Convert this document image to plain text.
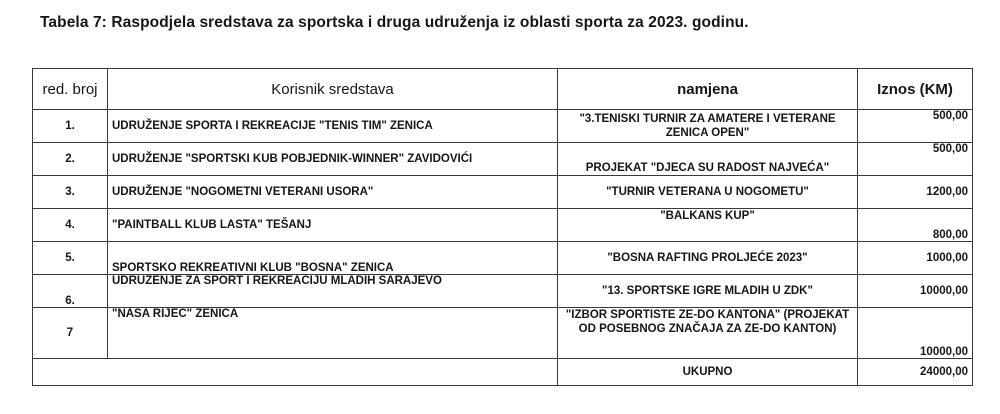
Tabela 7: Raspodjela sredstava za sportska i druga udruženja iz oblasti sporta za 2023. godinu.
red. broj	Korisnik sredstava	namjena	Iznos (KM)
1.	UDRUŽENJE SPORTA I REKREACIJE "TENIS TIM" ZENICA	"3.TENISKI TURNIR ZA AMATERE I VETERANE ZENICA OPEN"	500,00
2.	UDRUŽENJE "SPORTSKI KUB POBJEDNIK-WINNER" ZAVIDOVIĆI	PROJEKAT "DJECA SU RADOST NAJVEĆA"	500,00
3.	UDRUŽENJE "NOGOMETNI VETERANI USORA"	"TURNIR VETERANA U NOGOMETU"	1200,00
4.	"PAINTBALL KLUB LASTA" TEŠANJ	"BALKANS KUP"	800,00
5.	SPORTSKO REKREATIVNI KLUB "BOSNA" ZENICA	"BOSNA RAFTING PROLJEĆE 2023"	1000,00
6.	UDRUŽENJE ZA SPORT I REKREACIJU MLADIH SARAJEVO	"13. SPORTSKE IGRE MLADIH U ZDK"	10000,00
7	"NAŠA RIJEČ" ZENICA	"IZBOR SPORTISTE ZE-DO KANTONA" (PROJEKAT OD POSEBNOG ZNAČAJA ZA ZE-DO KANTON)	10000,00
		UKUPNO	24000,00
